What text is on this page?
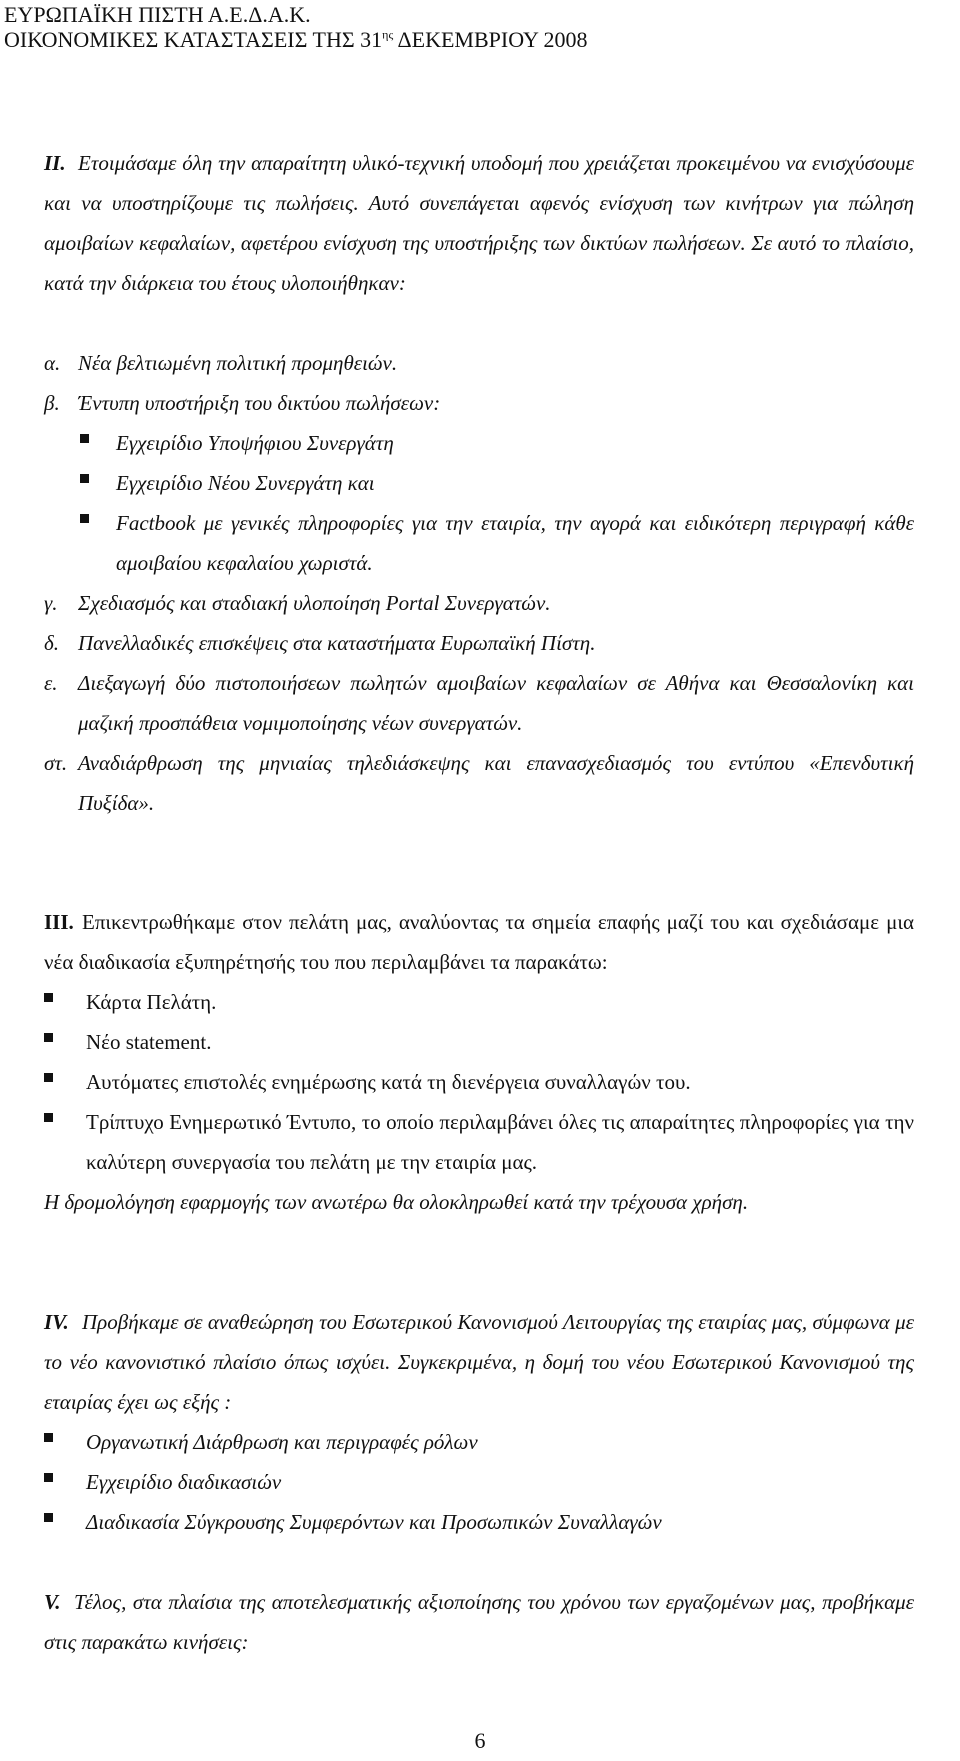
ΕΥΡΩΠΑΪΚΗ ΠΙΣΤΗ Α.Ε.Δ.Α.Κ.
ΟΙΚΟΝΟΜΙΚΕΣ ΚΑΤΑΣΤΑΣΕΙΣ ΤΗΣ $31^{\eta\varsigma}$ ΔΕΚΕΜΒΡΙΟΥ 2008
ΙΙ. Ετοιμάσαμε όλη την απαραίτητη υλικό-τεχνική υποδομή που χρειάζεται προκειμένου να ενισχύσουμε και να υποστηρίζουμε τις πωλήσεις. Αυτό συνεπάγεται αφενός ενίσχυση των κινήτρων για πώληση αμοιβαίων κεφαλαίων, αφετέρου ενίσχυση της υποστήριξης των δικτύων πωλήσεων. Σε αυτό το πλαίσιο, κατά την διάρκεια του έτους υλοποιήθηκαν:
α. Νέα βελτιωμένη πολιτική προμηθειών.
β. Έντυπη υποστήριξη του δικτύου πωλήσεων:
Εγχειρίδιο Υποψήφιου Συνεργάτη
Εγχειρίδιο Νέου Συνεργάτη και
Factbook με γενικές πληροφορίες για την εταιρία, την αγορά και ειδικότερη περιγραφή κάθε αμοιβαίου κεφαλαίου χωριστά.
γ. Σχεδιασμός και σταδιακή υλοποίηση Portal Συνεργατών.
δ. Πανελλαδικές επισκέψεις στα καταστήματα Ευρωπαϊκή Πίστη.
ε. Διεξαγωγή δύο πιστοποιήσεων πωλητών αμοιβαίων κεφαλαίων σε Αθήνα και Θεσσαλονίκη και μαζική προσπάθεια νομιμοποίησης νέων συνεργατών.
στ. Αναδιάρθρωση της μηνιαίας τηλεδιάσκεψης και επανασχεδιασμός του εντύπου «Επενδυτική Πυξίδα».
ΙΙΙ. Επικεντρωθήκαμε στον πελάτη μας, αναλύοντας τα σημεία επαφής μαζί του και σχεδιάσαμε μια νέα διαδικασία εξυπηρέτησής του που περιλαμβάνει τα παρακάτω:
Κάρτα Πελάτη.
Νέο statement.
Αυτόματες επιστολές ενημέρωσης κατά τη διενέργεια συναλλαγών του.
Τρίπτυχο Ενημερωτικό Έντυπο, το οποίο περιλαμβάνει όλες τις απαραίτητες πληροφορίες για την καλύτερη συνεργασία του πελάτη με την εταιρία μας.
Η δρομολόγηση εφαρμογής των ανωτέρω θα ολοκληρωθεί κατά την τρέχουσα χρήση.
IV. Προβήκαμε σε αναθεώρηση του Εσωτερικού Κανονισμού Λειτουργίας της εταιρίας μας, σύμφωνα με το νέο κανονιστικό πλαίσιο όπως ισχύει. Συγκεκριμένα, η δομή του νέου Εσωτερικού Κανονισμού της εταιρίας έχει ως εξής :
Οργανωτική Διάρθρωση και περιγραφές ρόλων
Εγχειρίδιο διαδικασιών
Διαδικασία Σύγκρουσης Συμφερόντων και Προσωπικών Συναλλαγών
V. Τέλος, στα πλαίσια της αποτελεσματικής αξιοποίησης του χρόνου των εργαζομένων μας, προβήκαμε στις παρακάτω κινήσεις:
6
